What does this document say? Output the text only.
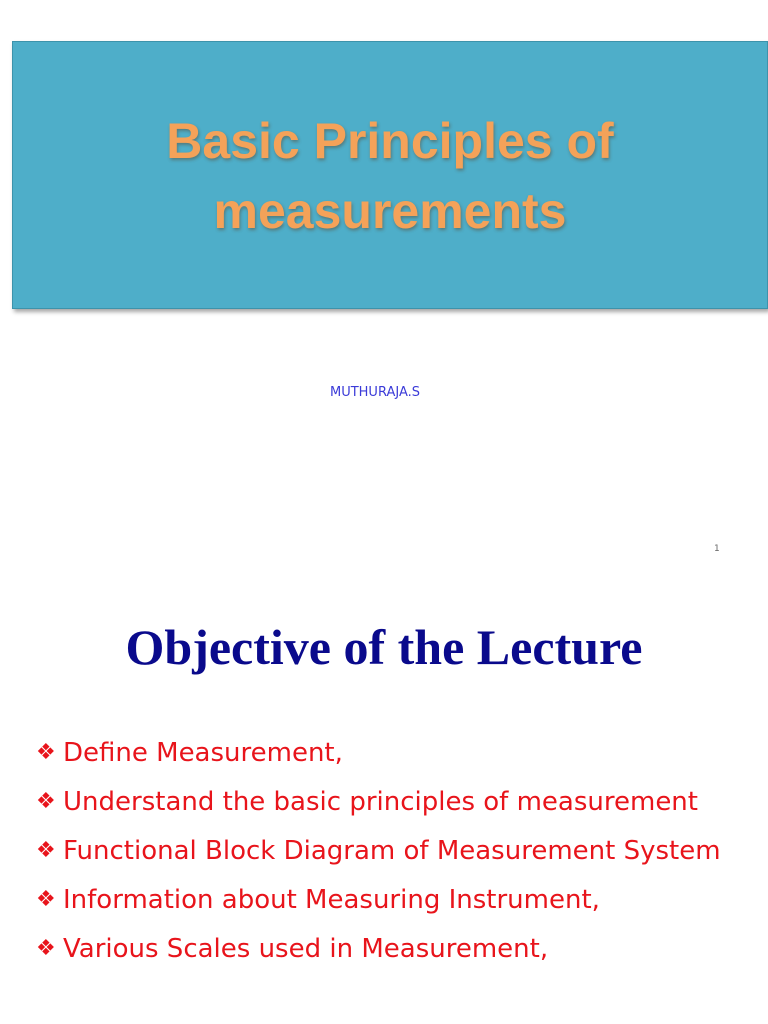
Basic Principles of
measurements
MUTHURAJA.S
1
Objective of the Lecture
❖ Define Measurement,
❖ Understand the basic principles of measurement
❖ Functional Block Diagram of Measurement System
❖ Information about Measuring Instrument,
❖ Various Scales used in Measurement,
